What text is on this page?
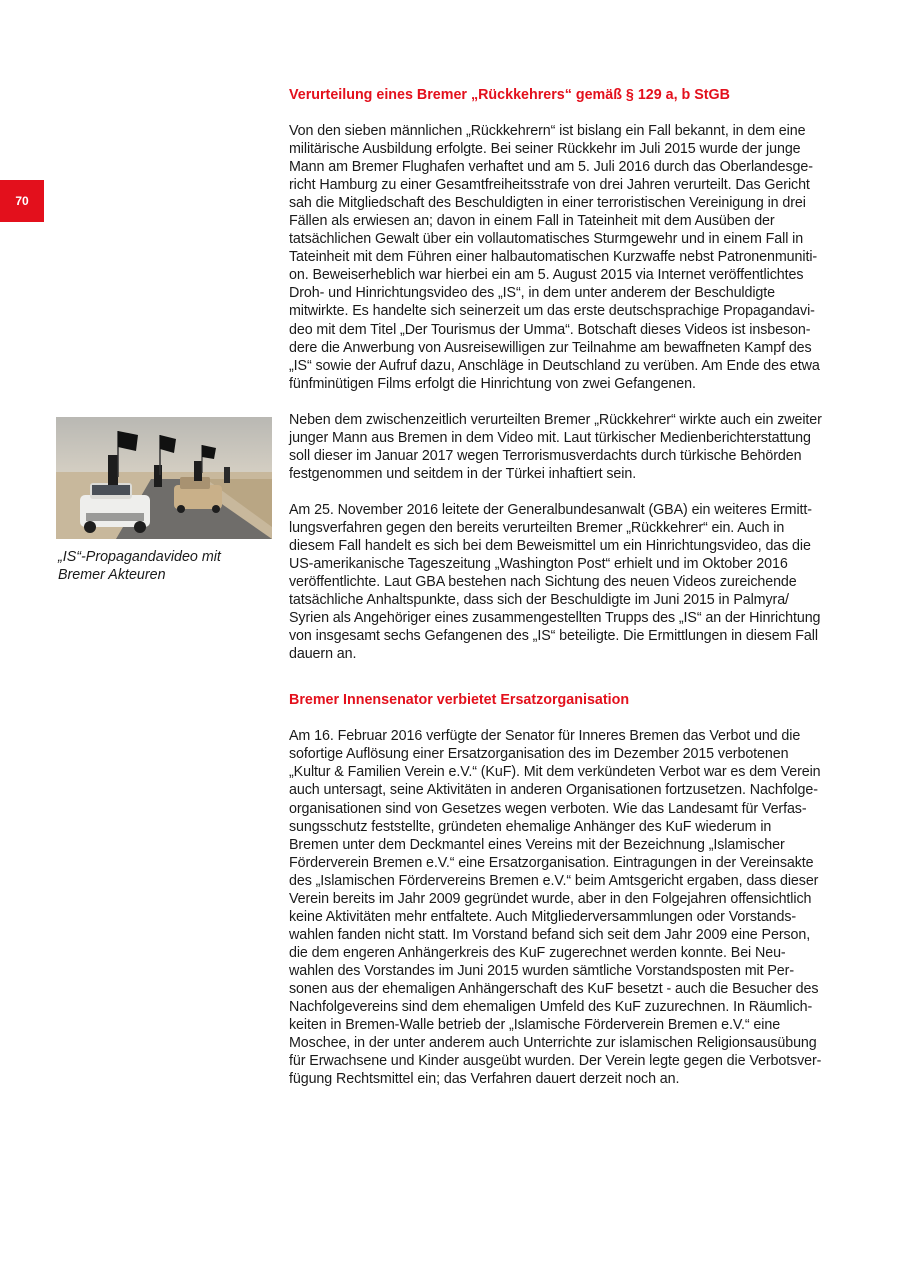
70
„IS“-Propagandavideo mit
Bremer Akteuren
Verurteilung eines Bremer „Rückkehrers“ gemäß § 129 a, b StGB

Von den sieben männlichen „Rückkehrern“ ist bislang ein Fall bekannt, in dem eine
militärische Ausbildung erfolgte. Bei seiner Rückkehr im Juli 2015 wurde der junge
Mann am Bremer Flughafen verhaftet und am 5. Juli 2016 durch das Oberlandesge-
richt Hamburg zu einer Gesamtfreiheitsstrafe von drei Jahren verurteilt. Das Gericht
sah die Mitgliedschaft des Beschuldigten in einer terroristischen Vereinigung in drei
Fällen als erwiesen an; davon in einem Fall in Tateinheit mit dem Ausüben der
tatsächlichen Gewalt über ein vollautomatisches Sturmgewehr und in einem Fall in
Tateinheit mit dem Führen einer halbautomatischen Kurzwaffe nebst Patronenmuniti-
on. Beweiserheblich war hierbei ein am 5. August 2015 via Internet veröffentlichtes
Droh- und Hinrichtungsvideo des „IS“, in dem unter anderem der Beschuldigte
mitwirkte. Es handelte sich seinerzeit um das erste deutschsprachige Propagandavi-
deo mit dem Titel „Der Tourismus der Umma“. Botschaft dieses Videos ist insbeson-
dere die Anwerbung von Ausreisewilligen zur Teilnahme am bewaffneten Kampf des
„IS“ sowie der Aufruf dazu, Anschläge in Deutschland zu verüben. Am Ende des etwa
fünfminütigen Films erfolgt die Hinrichtung von zwei Gefangenen.

Neben dem zwischenzeitlich verurteilten Bremer „Rückkehrer“ wirkte auch ein zweiter
junger Mann aus Bremen in dem Video mit. Laut türkischer Medienberichterstattung
soll dieser im Januar 2017 wegen Terrorismusverdachts durch türkische Behörden
festgenommen und seitdem in der Türkei inhaftiert sein.

Am 25. November 2016 leitete der Generalbundesanwalt (GBA) ein weiteres Ermitt-
lungsverfahren gegen den bereits verurteilten Bremer „Rückkehrer“ ein. Auch in
diesem Fall handelt es sich bei dem Beweismittel um ein Hinrichtungsvideo, das die
US-amerikanische Tageszeitung „Washington Post“ erhielt und im Oktober 2016
veröffentlichte. Laut GBA bestehen nach Sichtung des neuen Videos zureichende
tatsächliche Anhaltspunkte, dass sich der Beschuldigte im Juni 2015 in Palmyra/
Syrien als Angehöriger eines zusammengestellten Trupps des „IS“ an der Hinrichtung
von insgesamt sechs Gefangenen des „IS“ beteiligte. Die Ermittlungen in diesem Fall
dauern an.

Bremer Innensenator verbietet Ersatzorganisation

Am 16. Februar 2016 verfügte der Senator für Inneres Bremen das Verbot und die
sofortige Auflösung einer Ersatzorganisation des im Dezember 2015 verbotenen
„Kultur & Familien Verein e.V.“ (KuF). Mit dem verkündeten Verbot war es dem Verein
auch untersagt, seine Aktivitäten in anderen Organisationen fortzusetzen. Nachfolge-
organisationen sind von Gesetzes wegen verboten. Wie das Landesamt für Verfas-
sungsschutz feststellte, gründeten ehemalige Anhänger des KuF wiederum in
Bremen unter dem Deckmantel eines Vereins mit der Bezeichnung „Islamischer
Förderverein Bremen e.V.“ eine Ersatzorganisation. Eintragungen in der Vereinsakte
des „Islamischen Fördervereins Bremen e.V.“ beim Amtsgericht ergaben, dass dieser
Verein bereits im Jahr 2009 gegründet wurde, aber in den Folgejahren offensichtlich
keine Aktivitäten mehr entfaltete. Auch Mitgliederversammlungen oder Vorstands-
wahlen fanden nicht statt. Im Vorstand befand sich seit dem Jahr 2009 eine Person,
die dem engeren Anhängerkreis des KuF zugerechnet werden konnte. Bei Neu-
wahlen des Vorstandes im Juni 2015 wurden sämtliche Vorstandsposten mit Per-
sonen aus der ehemaligen Anhängerschaft des KuF besetzt - auch die Besucher des
Nachfolgevereins sind dem ehemaligen Umfeld des KuF zuzurechnen. In Räumlich-
keiten in Bremen-Walle betrieb der „Islamische Förderverein Bremen e.V.“ eine
Moschee, in der unter anderem auch Unterrichte zur islamischen Religionsausübung
für Erwachsene und Kinder ausgeübt wurden. Der Verein legte gegen die Verbotsver-
fügung Rechtsmittel ein; das Verfahren dauert derzeit noch an.
